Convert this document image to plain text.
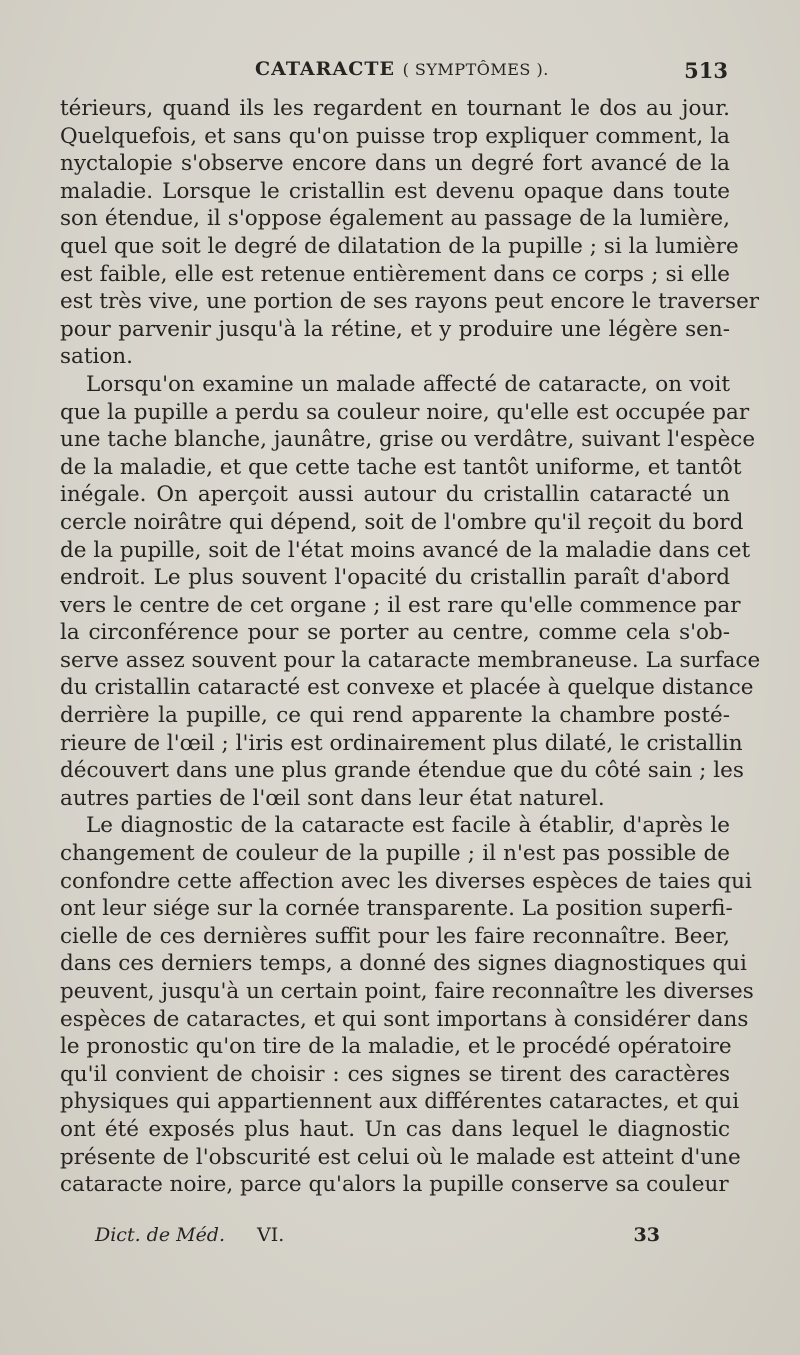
CATARACTE ( SYMPTÔMES ).	513
térieurs, quand ils les regardent en tournant le dos au jour.
Quelquefois, et sans qu'on puisse trop expliquer comment, la
nyctalopie s'observe encore dans un degré fort avancé de la
maladie. Lorsque le cristallin est devenu opaque dans toute
son étendue, il s'oppose également au passage de la lumière,
quel que soit le degré de dilatation de la pupille ; si la lumière
est faible, elle est retenue entièrement dans ce corps ; si elle
est très vive, une portion de ses rayons peut encore le traverser
pour parvenir jusqu'à la rétine, et y produire une légère sen-
sation.
Lorsqu'on examine un malade affecté de cataracte, on voit
que la pupille a perdu sa couleur noire, qu'elle est occupée par
une tache blanche, jaunâtre, grise ou verdâtre, suivant l'espèce
de la maladie, et que cette tache est tantôt uniforme, et tantôt
inégale. On aperçoit aussi autour du cristallin cataracté un
cercle noirâtre qui dépend, soit de l'ombre qu'il reçoit du bord
de la pupille, soit de l'état moins avancé de la maladie dans cet
endroit. Le plus souvent l'opacité du cristallin paraît d'abord
vers le centre de cet organe ; il est rare qu'elle commence par
la circonférence pour se porter au centre, comme cela s'ob-
serve assez souvent pour la cataracte membraneuse. La surface
du cristallin cataracté est convexe et placée à quelque distance
derrière la pupille, ce qui rend apparente la chambre posté-
rieure de l'œil ; l'iris est ordinairement plus dilaté, le cristallin
découvert dans une plus grande étendue que du côté sain ; les
autres parties de l'œil sont dans leur état naturel.
Le diagnostic de la cataracte est facile à établir, d'après le
changement de couleur de la pupille ; il n'est pas possible de
confondre cette affection avec les diverses espèces de taies qui
ont leur siége sur la cornée transparente. La position superfi-
cielle de ces dernières suffit pour les faire reconnaître. Beer,
dans ces derniers temps, a donné des signes diagnostiques qui
peuvent, jusqu'à un certain point, faire reconnaître les diverses
espèces de cataractes, et qui sont importans à considérer dans
le pronostic qu'on tire de la maladie, et le procédé opératoire
qu'il convient de choisir : ces signes se tirent des caractères
physiques qui appartiennent aux différentes cataractes, et qui
ont été exposés plus haut. Un cas dans lequel le diagnostic
présente de l'obscurité est celui où le malade est atteint d'une
cataracte noire, parce qu'alors la pupille conserve sa couleur
Dict. de Méd. VI.	33
